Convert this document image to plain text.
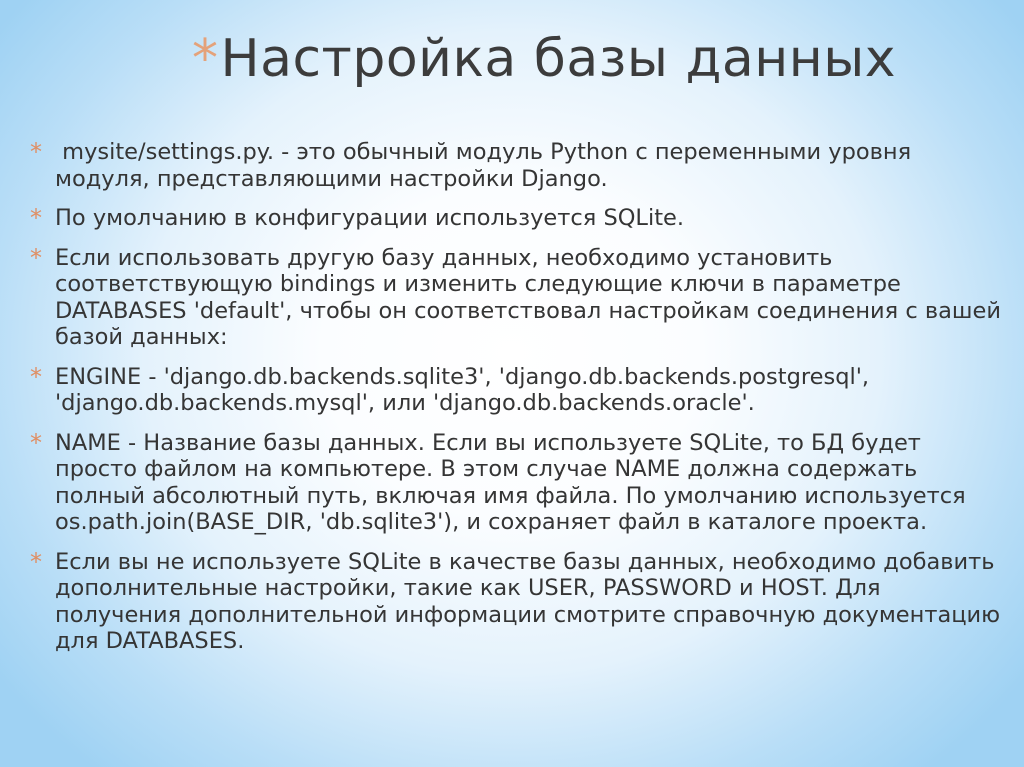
*Настройка базы данных
* mysite/settings.py. - это обычный модуль Python с переменными уровня модуля, представляющими настройки Django.
* По умолчанию в конфигурации используется SQLite.
* Если использовать другую базу данных, необходимо установить соответствующую bindings и изменить следующие ключи в параметре DATABASES 'default', чтобы он соответствовал настройкам соединения с вашей базой данных:
* ENGINE - 'django.db.backends.sqlite3', 'django.db.backends.postgresql', 'django.db.backends.mysql', или 'django.db.backends.oracle'.
* NAME - Название базы данных. Если вы используете SQLite, то БД будет просто файлом на компьютере. В этом случае NAME должна содержать полный абсолютный путь, включая имя файла. По умолчанию используется os.path.join(BASE_DIR, 'db.sqlite3'), и сохраняет файл в каталоге проекта.
* Если вы не используете SQLite в качестве базы данных, необходимо добавить дополнительные настройки, такие как USER, PASSWORD и HOST. Для получения дополнительной информации смотрите справочную документацию для DATABASES.
